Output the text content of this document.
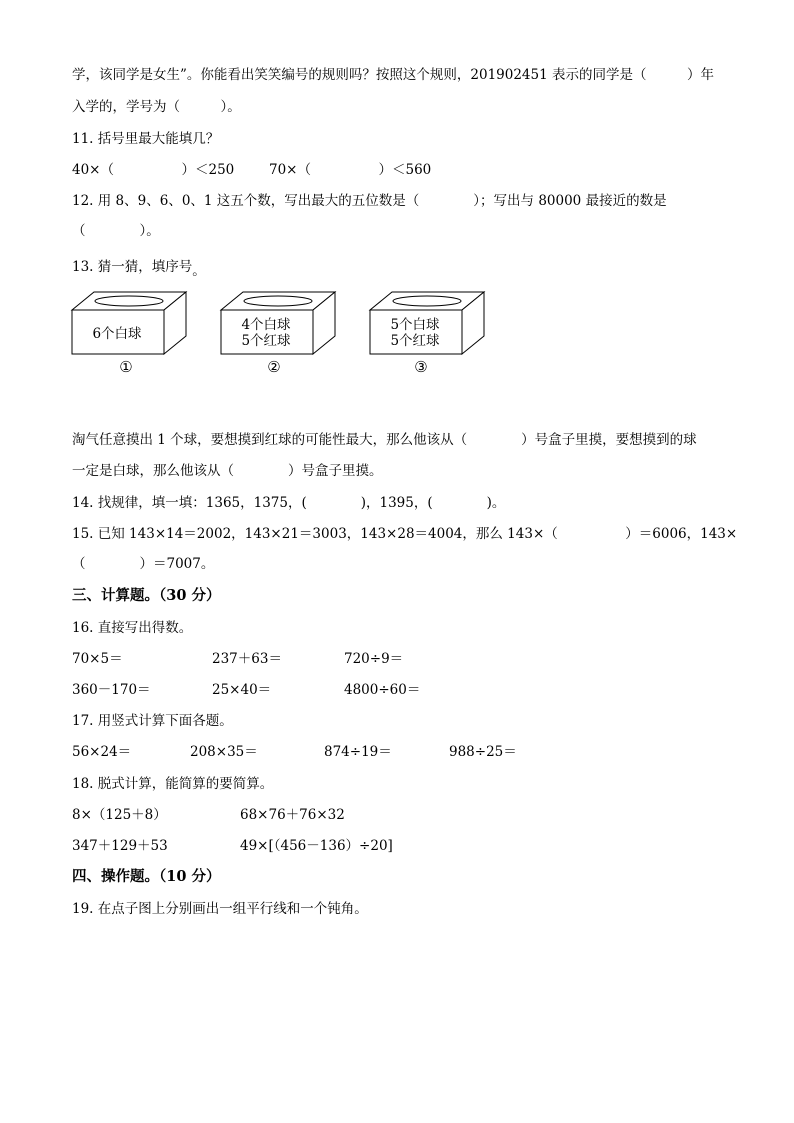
学，该同学是女生”。你能看出笑笑编号的规则吗？按照这个规则，201902451 表示的同学是（　　　）年
入学的，学号为（　　　）。
11. 括号里最大能填几？
40×（　　　　　）＜250	70×（　　　　　）＜560
12. 用 8、9、6、0、1 这五个数，写出最大的五位数是（　　　　）；写出与 80000 最接近的数是
（　　　　）。
13. 猜一猜，填序号。
6个白球
4个白球
5个红球
5个白球
5个红球
①	②	③
淘气任意摸出 1 个球，要想摸到红球的可能性最大，那么他该从（　　　　）号盒子里摸，要想摸到的球
一定是白球，那么他该从（　　　　）号盒子里摸。
14. 找规律，填一填：1365，1375，(　　　　)，1395，(　　　　)。
15. 已知 143×14＝2002，143×21＝3003，143×28＝4004，那么 143×（　　　　　）＝6006，143×
（　　　　）＝7007。
三、计算题。（30 分）
16. 直接写出得数。
70×5＝	237＋63＝	720÷9＝
360－170＝	25×40＝	4800÷60＝
17. 用竖式计算下面各题。
56×24＝	208×35＝	874÷19＝	988÷25＝
18. 脱式计算，能简算的要简算。
8×（125＋8）	68×76＋76×32
347＋129＋53	49×[（456－136）÷20]
四、操作题。（10 分）
19. 在点子图上分别画出一组平行线和一个钝角。
